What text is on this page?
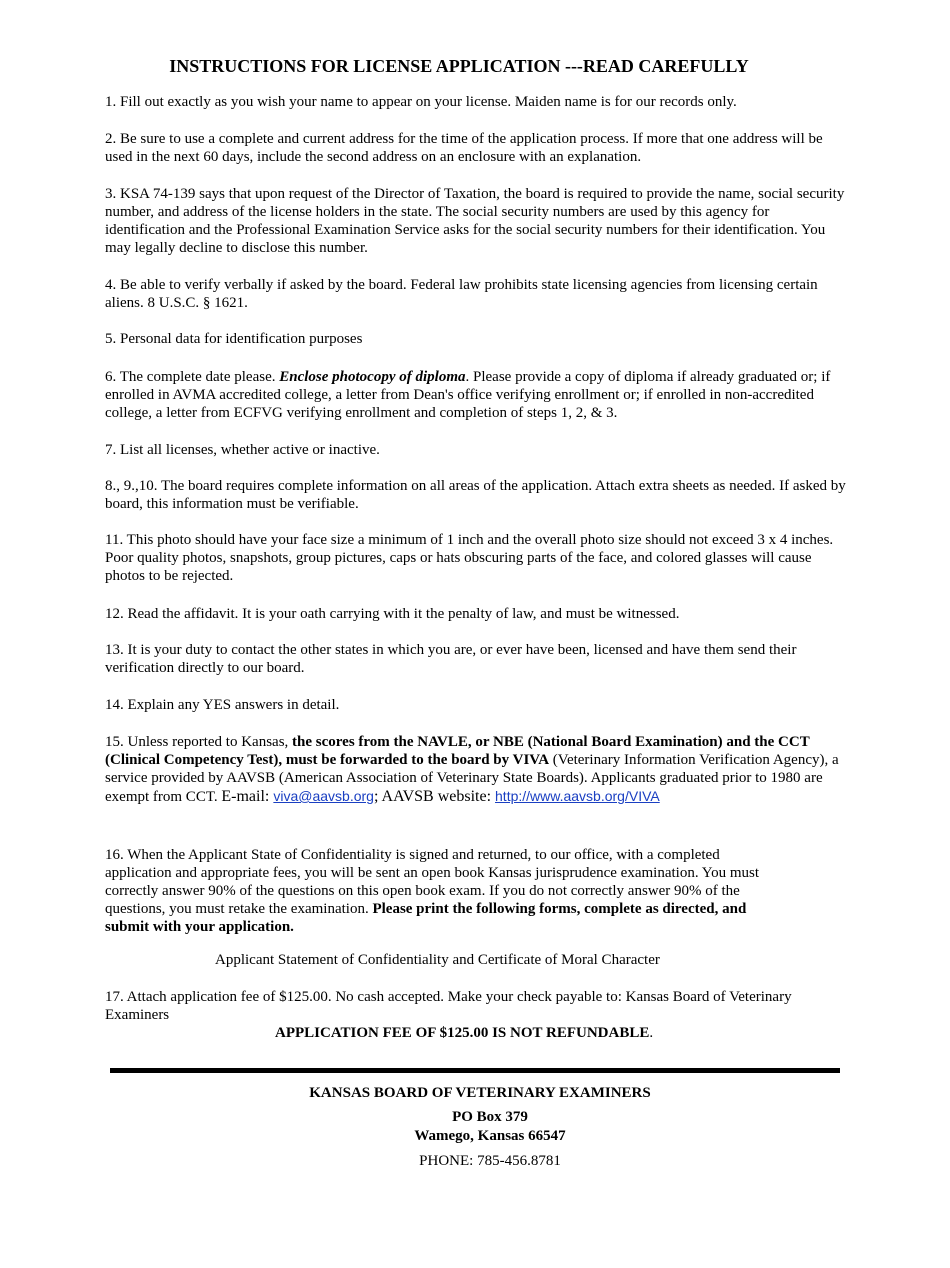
INSTRUCTIONS FOR LICENSE APPLICATION ---READ CAREFULLY

1. Fill out exactly as you wish your name to appear on your license. Maiden name is for our records only.

2. Be sure to use a complete and current address for the time of the application process. If more that one address will be used in the next 60 days, include the second address on an enclosure with an explanation.

3. KSA 74-139 says that upon request of the Director of Taxation, the board is required to provide the name, social security number, and address of the license holders in the state. The social security numbers are used by this agency for identification and the Professional Examination Service asks for the social security numbers for their identification. You may legally decline to disclose this number.

4. Be able to verify verbally if asked by the board. Federal law prohibits state licensing agencies from licensing certain aliens. 8 U.S.C. § 1621.

5. Personal data for identification purposes

6. The complete date please. Enclose photocopy of diploma. Please provide a copy of diploma if already graduated or; if enrolled in AVMA accredited college, a letter from Dean's office verifying enrollment or; if enrolled in non-accredited college, a letter from ECFVG verifying enrollment and completion of steps 1, 2, & 3.

7. List all licenses, whether active or inactive.

8., 9.,10. The board requires complete information on all areas of the application. Attach extra sheets as needed. If asked by board, this information must be verifiable.

11. This photo should have your face size a minimum of 1 inch and the overall photo size should not exceed 3 x 4 inches. Poor quality photos, snapshots, group pictures, caps or hats obscuring parts of the face, and colored glasses will cause photos to be rejected.

12. Read the affidavit. It is your oath carrying with it the penalty of law, and must be witnessed.

13. It is your duty to contact the other states in which you are, or ever have been, licensed and have them send their verification directly to our board.

14. Explain any YES answers in detail.

15. Unless reported to Kansas, the scores from the NAVLE, or NBE (National Board Examination) and the CCT (Clinical Competency Test), must be forwarded to the board by VIVA (Veterinary Information Verification Agency), a service provided by AAVSB (American Association of Veterinary State Boards). Applicants graduated prior to 1980 are exempt from CCT. E-mail: viva@aavsb.org; AAVSB website: http://www.aavsb.org/VIVA

16. When the Applicant State of Confidentiality is signed and returned, to our office, with a completed application and appropriate fees, you will be sent an open book Kansas jurisprudence examination. You must correctly answer 90% of the questions on this open book exam. If you do not correctly answer 90% of the questions, you must retake the examination. Please print the following forms, complete as directed, and submit with your application.

Applicant Statement of Confidentiality and Certificate of Moral Character

17. Attach application fee of $125.00. No cash accepted. Make your check payable to: Kansas Board of Veterinary Examiners

APPLICATION FEE OF $125.00 IS NOT REFUNDABLE.

KANSAS BOARD OF VETERINARY EXAMINERS

PO Box 379

Wamego, Kansas 66547

PHONE: 785-456.8781
